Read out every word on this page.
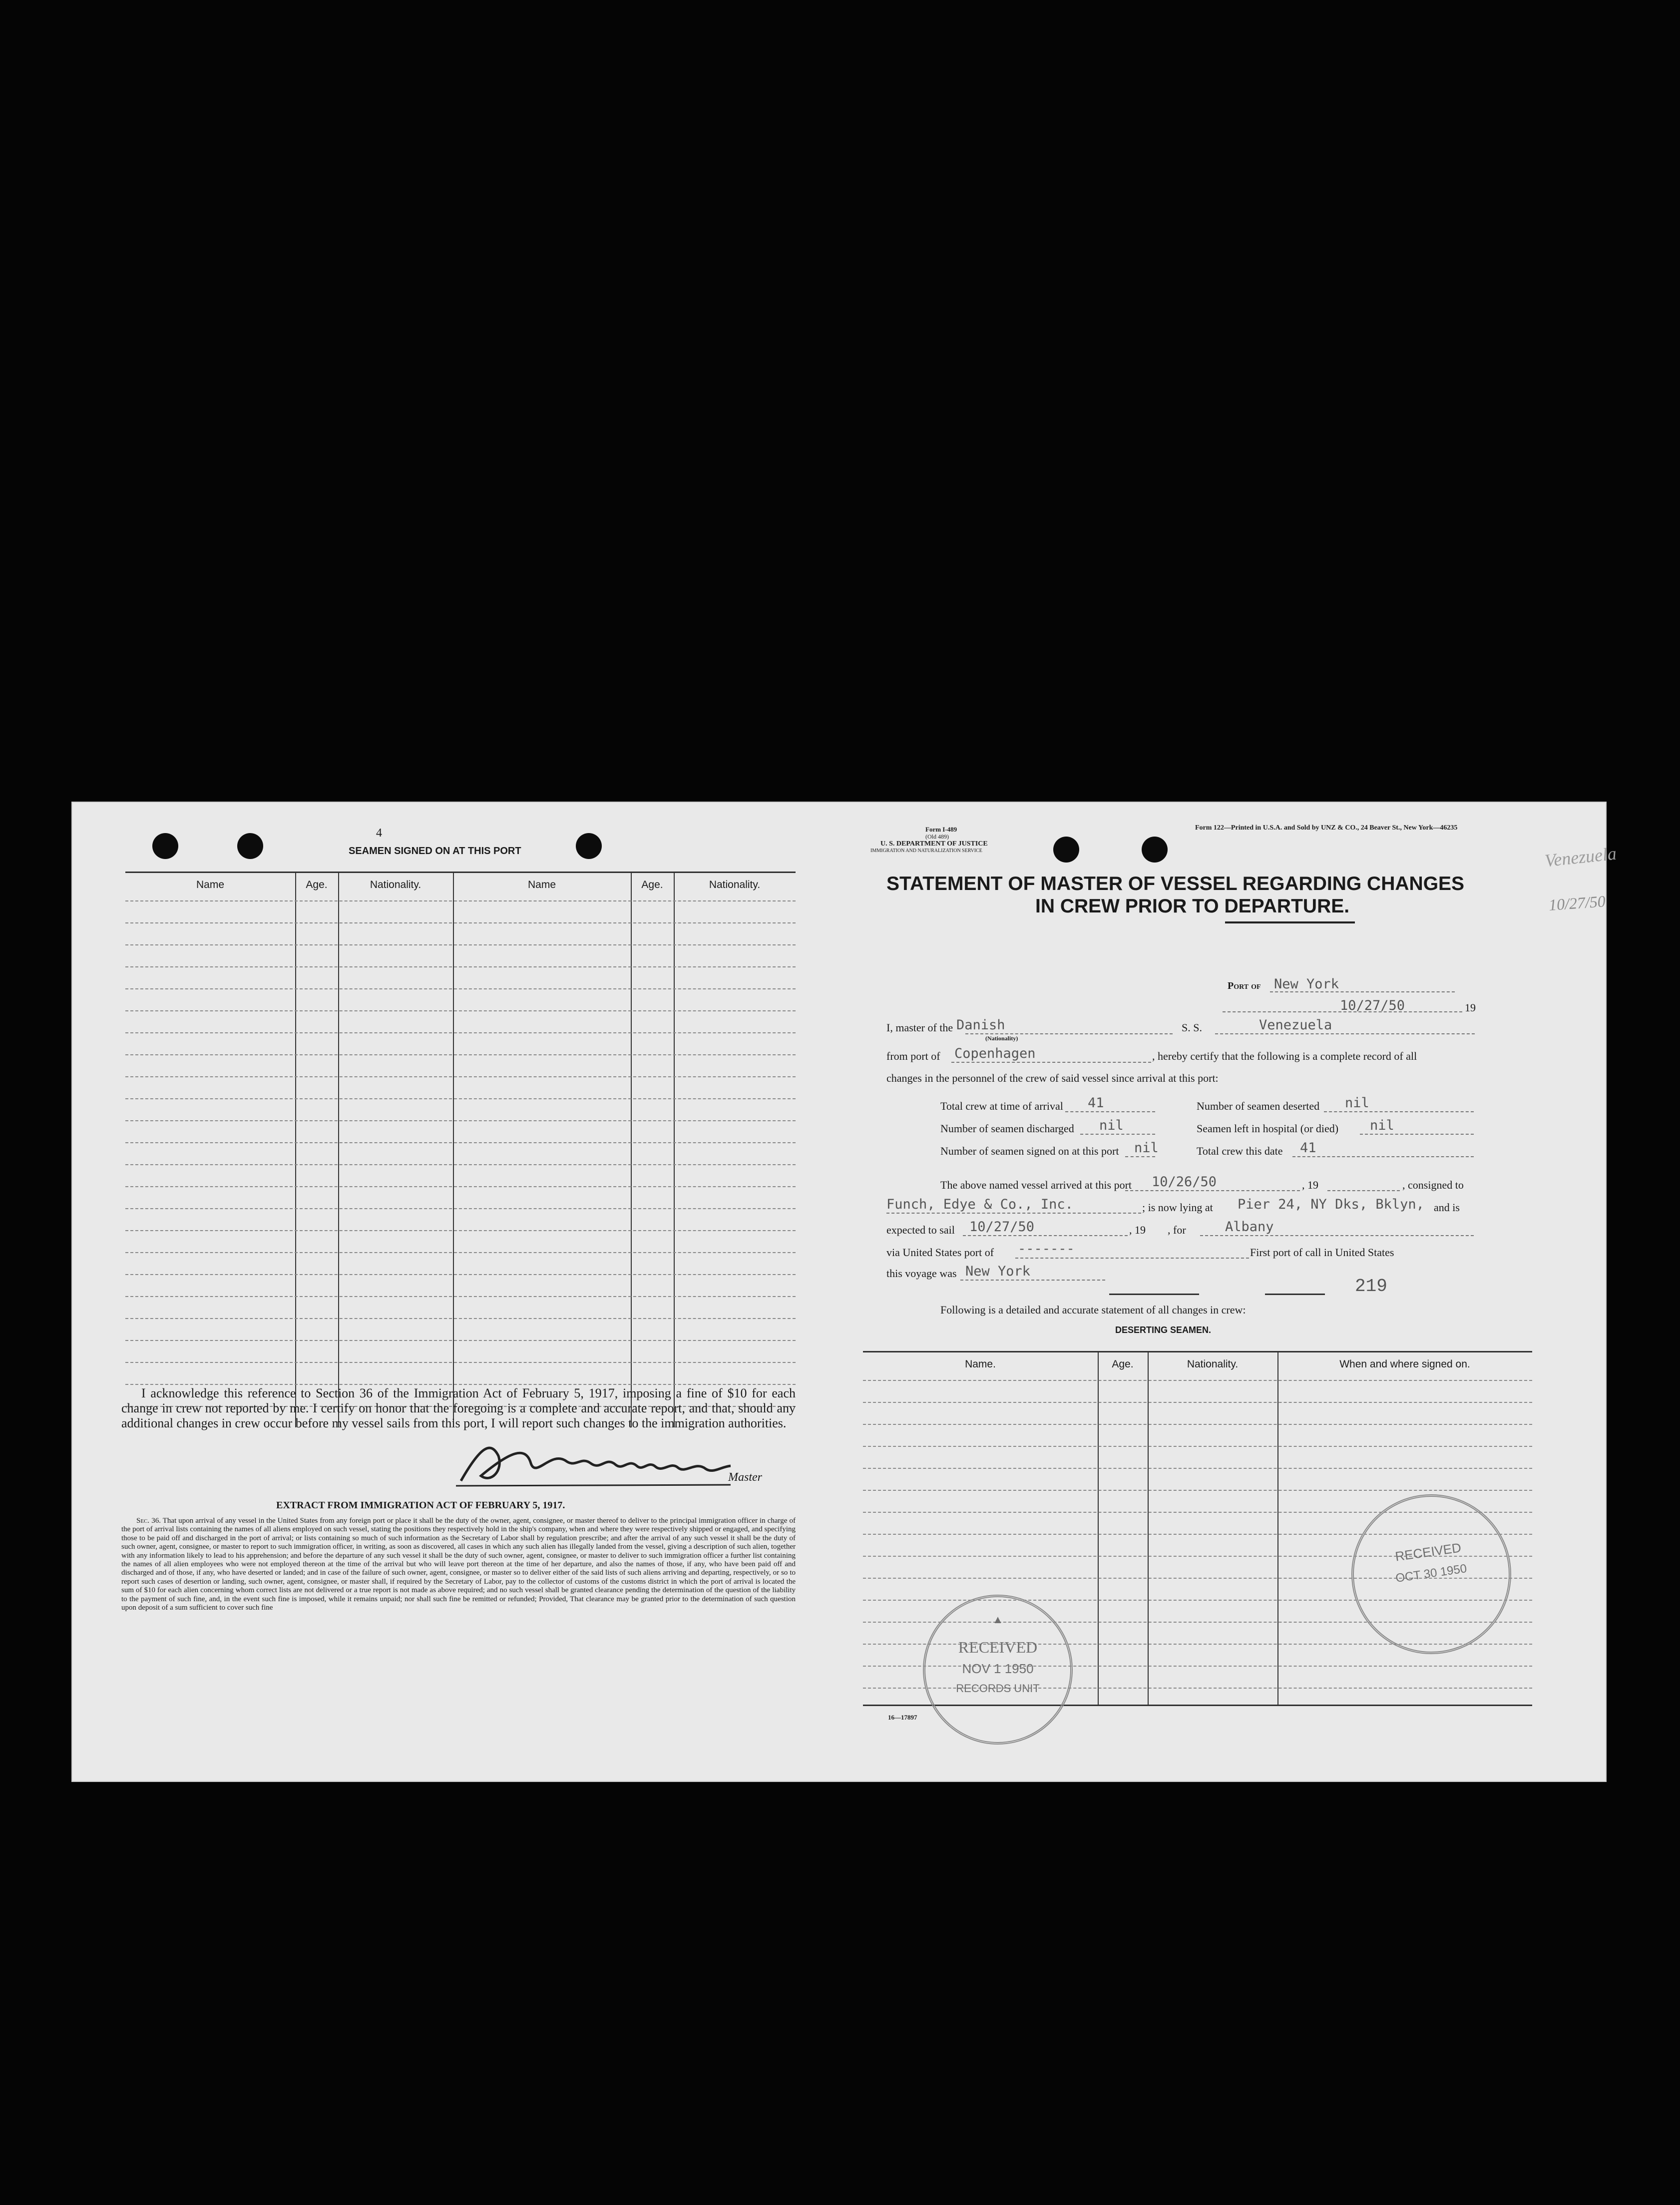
4
SEAMEN SIGNED ON AT THIS PORT
Name	Age.	Nationality.	Name	Age.	Nationality.
I acknowledge this reference to Section 36 of the Immigration Act of February 5, 1917, imposing a fine of $10 for each change in crew not reported by me. I certify on honor that the foregoing is a complete and accurate report, and that, should any additional changes in crew occur before my vessel sails from this port, I will report such changes to the immigration authorities.
Master
EXTRACT FROM IMMIGRATION ACT OF FEBRUARY 5, 1917.
Sec. 36. That upon arrival of any vessel in the United States from any foreign port or place it shall be the duty of the owner, agent, consignee, or master thereof to deliver to the principal immigration officer in charge of the port of arrival lists containing the names of all aliens employed on such vessel, stating the positions they respectively hold in the ship's company, when and where they were respectively shipped or engaged, and specifying those to be paid off and discharged in the port of arrival; or lists containing so much of such information as the Secretary of Labor shall by regulation prescribe; and after the arrival of any such vessel it shall be the duty of such owner, agent, consignee, or master to report to such immigration officer, in writing, as soon as discovered, all cases in which any such alien has illegally landed from the vessel, giving a description of such alien, together with any information likely to lead to his apprehension; and before the departure of any such vessel it shall be the duty of such owner, agent, consignee, or master to deliver to such immigration officer a further list containing the names of all alien employees who were not employed thereon at the time of the arrival but who will leave port thereon at the time of her departure, and also the names of those, if any, who have been paid off and discharged and of those, if any, who have deserted or landed; and in case of the failure of such owner, agent, consignee, or master so to deliver either of the said lists of such aliens arriving and departing, respectively, or so to report such cases of desertion or landing, such owner, agent, consignee, or master shall, if required by the Secretary of Labor, pay to the collector of customs of the customs district in which the port of arrival is located the sum of $10 for each alien concerning whom correct lists are not delivered or a true report is not made as above required; and no such vessel shall be granted clearance pending the determination of the question of the liability to the payment of such fine, and, in the event such fine is imposed, while it remains unpaid; nor shall such fine be remitted or refunded; Provided, That clearance may be granted prior to the determination of such question upon deposit of a sum sufficient to cover such fine
Form I-489
(Old 489)
U. S. DEPARTMENT OF JUSTICE
IMMIGRATION AND NATURALIZATION SERVICE
Form 122—Printed in U.S.A. and Sold by UNZ & CO., 24 Beaver St., New York—46235
Venezuela
10/27/50
STATEMENT OF MASTER OF VESSEL REGARDING CHANGES
IN CREW PRIOR TO DEPARTURE.
Port of New York
10/27/50	19
I, master of the Danish
(Nationality)
S. S.	Venezuela
from port of Copenhagen	, hereby certify that the following is a complete record of all
changes in the personnel of the crew of said vessel since arrival at this port:
Total crew at time of arrival 41	Number of seamen deserted nil
Number of seamen discharged nil	Seamen left in hospital (or died) nil
Number of seamen signed on at this port nil	Total crew this date 41
The above named vessel arrived at this port 10/26/50	, 19	, consigned to
Funch, Edye & Co., Inc.	; is now lying at Pier 24, NY Dks, Bklyn, and is
expected to sail 10/27/50	, 19 , for	Albany
via United States port of -------	First port of call in United States
this voyage was New York
219
Following is a detailed and accurate statement of all changes in crew:
DESERTING SEAMEN.
Name.	Age.	Nationality.	When and where signed on.
16—17897
▲
RECEIVED
NOV 1 1950
RECORDS UNIT
RECEIVED
OCT 30 1950
